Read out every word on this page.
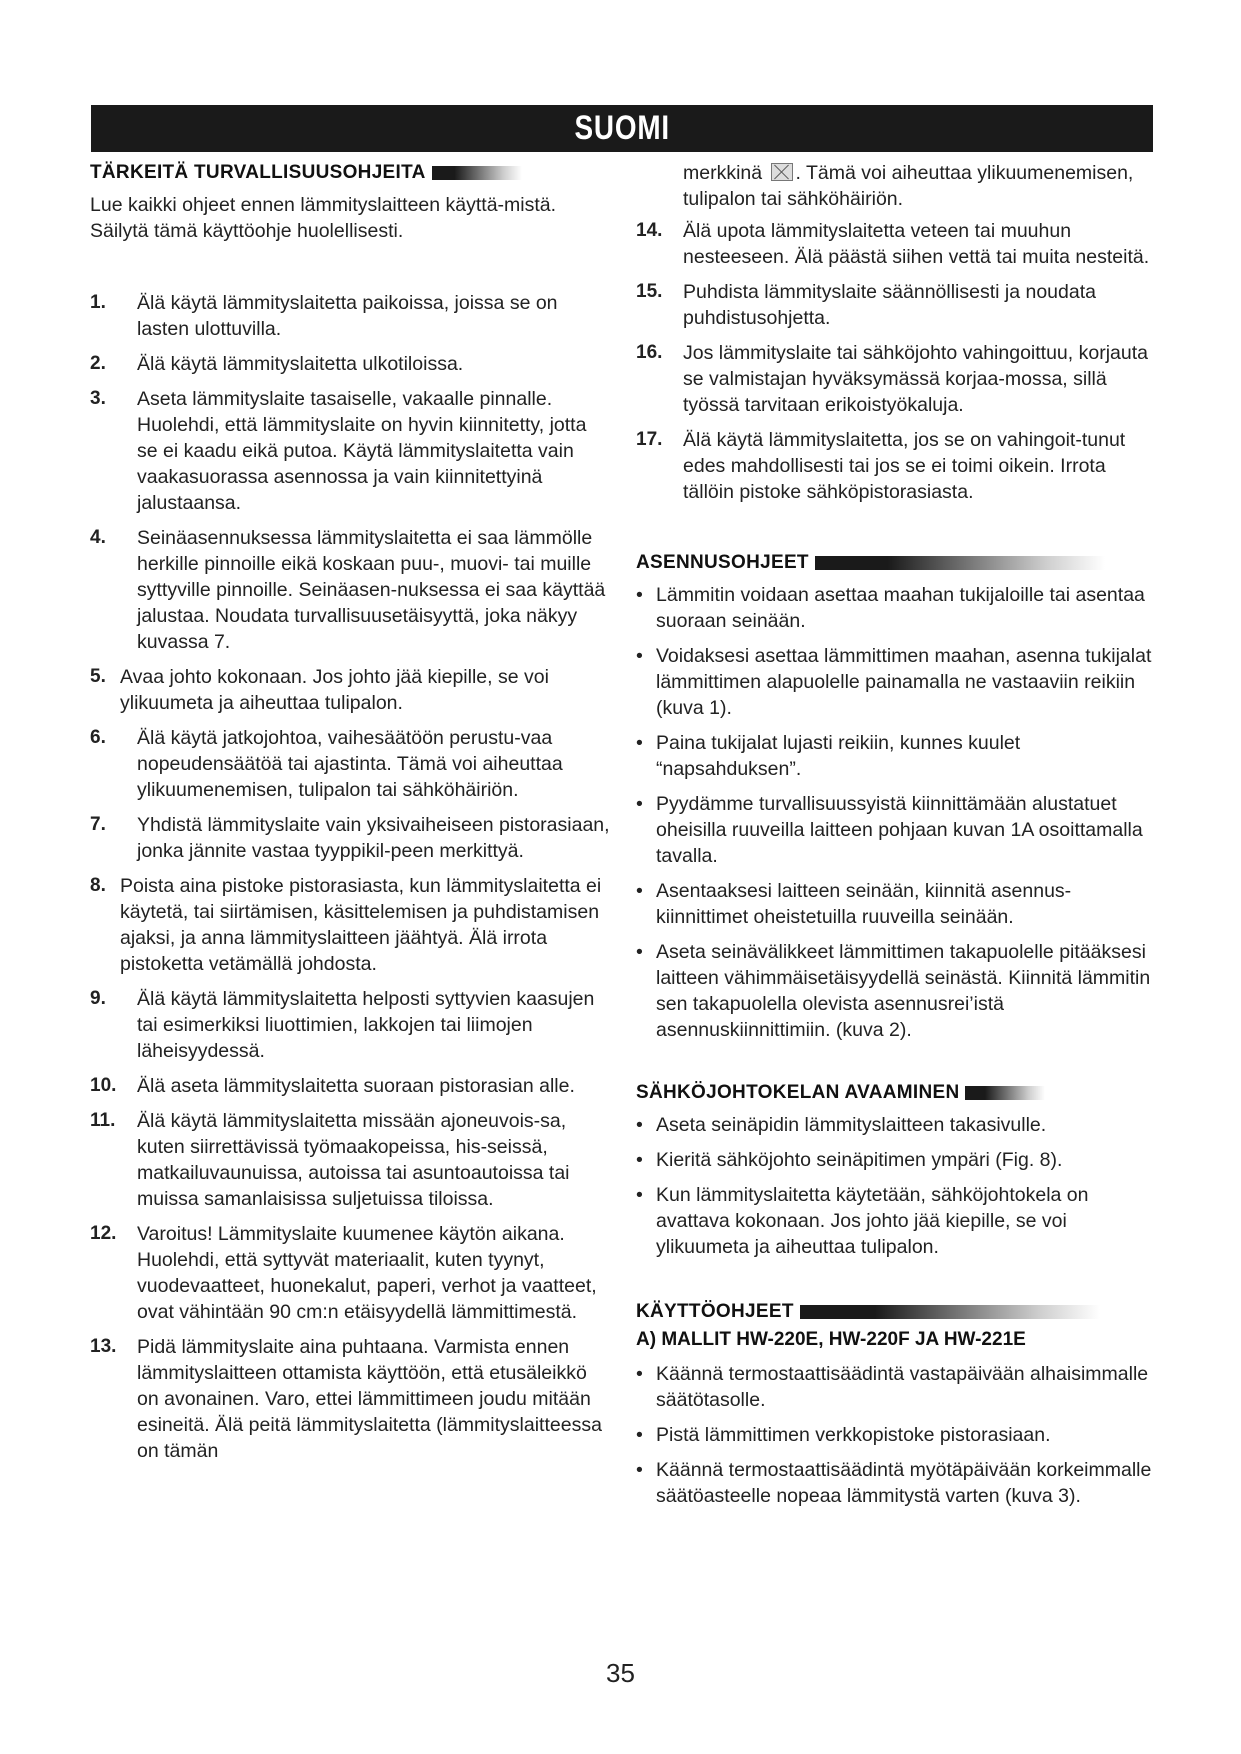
SUOMI
TÄRKEITÄ TURVALLISUUSOHJEITA

Lue kaikki ohjeet ennen lämmityslaitteen käyttä-mistä. Säilytä tämä käyttöohje huolellisesti.

1. Älä käytä lämmityslaitetta paikoissa, joissa se on lasten ulottuvilla.
2. Älä käytä lämmityslaitetta ulkotiloissa.
3. Aseta lämmityslaite tasaiselle, vakaalle pinnalle. Huolehdi, että lämmityslaite on hyvin kiinnitetty, jotta se ei kaadu eikä putoa. Käytä lämmityslaitetta vain vaakasuorassa asennossa ja vain kiinnitettyinä jalustaansa.
4. Seinäasennuksessa lämmityslaitetta ei saa lämmölle herkille pinnoille eikä koskaan puu-, muovi- tai muille syttyville pinnoille. Seinäasen-nuksessa ei saa käyttää jalustaa. Noudata turvallisuusetäisyyttä, joka näkyy kuvassa 7.
5. Avaa johto kokonaan. Jos johto jää kiepille, se voi ylikuumeta ja aiheuttaa tulipalon.
6. Älä käytä jatkojohtoa, vaihesäätöön perustu-vaa nopeudensäätöä tai ajastinta. Tämä voi aiheuttaa ylikuumenemisen, tulipalon tai sähköhäiriön.
7. Yhdistä lämmityslaite vain yksivaiheiseen pistorasiaan, jonka jännite vastaa tyyppikil-peen merkittyä.
8. Poista aina pistoke pistorasiasta, kun lämmityslaitetta ei käytetä, tai siirtämisen, käsittelemisen ja puhdistamisen ajaksi, ja anna lämmityslaitteen jäähtyä. Älä irrota pistoketta vetämällä johdosta.
9. Älä käytä lämmityslaitetta helposti syttyvien kaasujen tai esimerkiksi liuottimien, lakkojen tai liimojen läheisyydessä.
10. Älä aseta lämmityslaitetta suoraan pistorasian alle.
11. Älä käytä lämmityslaitetta missään ajoneuvois-sa, kuten siirrettävissä työmaakopeissa, his-seissä, matkailuvaunuissa, autoissa tai asuntoautoissa tai muissa samanlaisissa suljetuissa tiloissa.
12. Varoitus! Lämmityslaite kuumenee käytön aikana. Huolehdi, että syttyvät materiaalit, kuten tyynyt, vuodevaatteet, huonekalut, paperi, verhot ja vaatteet, ovat vähintään 90 cm:n etäisyydellä lämmittimestä.
13. Pidä lämmityslaite aina puhtaana. Varmista ennen lämmityslaitteen ottamista käyttöön, että etusäleikkö on avonainen. Varo, ettei lämmittimeen joudu mitään esineitä. Älä peitä lämmityslaitetta (lämmityslaitteessa on tämän
merkkinä . Tämä voi aiheuttaa ylikuumenemisen, tulipalon tai sähköhäiriön.
14. Älä upota lämmityslaitetta veteen tai muuhun nesteeseen. Älä päästä siihen vettä tai muita nesteitä.
15. Puhdista lämmityslaite säännöllisesti ja noudata puhdistusohjetta.
16. Jos lämmityslaite tai sähköjohto vahingoittuu, korjauta se valmistajan hyväksymässä korjaa-mossa, sillä työssä tarvitaan erikoistyökaluja.
17. Älä käytä lämmityslaitetta, jos se on vahingoit-tunut edes mahdollisesti tai jos se ei toimi oikein. Irrota tällöin pistoke sähköpistorasiasta.
ASENNUSOHJEET
• Lämmitin voidaan asettaa maahan tukijaloille tai asentaa suoraan seinään.
• Voidaksesi asettaa lämmittimen maahan, asenna tukijalat lämmittimen alapuolelle painamalla ne vastaaviin reikiin (kuva 1).
• Paina tukijalat lujasti reikiin, kunnes kuulet “napsahduksen”.
• Pyydämme turvallisuussyistä kiinnittämään alustatuet oheisilla ruuveilla laitteen pohjaan kuvan 1A osoittamalla tavalla.
• Asentaaksesi laitteen seinään, kiinnitä asennus-kiinnittimet oheistetuilla ruuveilla seinään.
• Aseta seinävälikkeet lämmittimen takapuolelle pitääksesi laitteen vähimmäisetäisyydellä seinästä. Kiinnitä lämmitin sen takapuolella olevista asennusrei’istä asennuskiinnittimiin. (kuva 2).
SÄHKÖJOHTOKELAN AVAAMINEN
• Aseta seinäpidin lämmityslaitteen takasivulle.
• Kieritä sähköjohto seinäpitimen ympäri (Fig. 8).
• Kun lämmityslaitetta käytetään, sähköjohtokela on avattava kokonaan. Jos johto jää kiepille, se voi ylikuumeta ja aiheuttaa tulipalon.
KÄYTTÖOHJEET
A) MALLIT HW-220E, HW-220F JA HW-221E
• Käännä termostaattisäädintä vastapäivään alhaisimmalle säätötasolle.
• Pistä lämmittimen verkkopistoke pistorasiaan.
• Käännä termostaattisäädintä myötäpäivään korkeimmalle säätöasteelle nopeaa lämmitystä varten (kuva 3).
35
